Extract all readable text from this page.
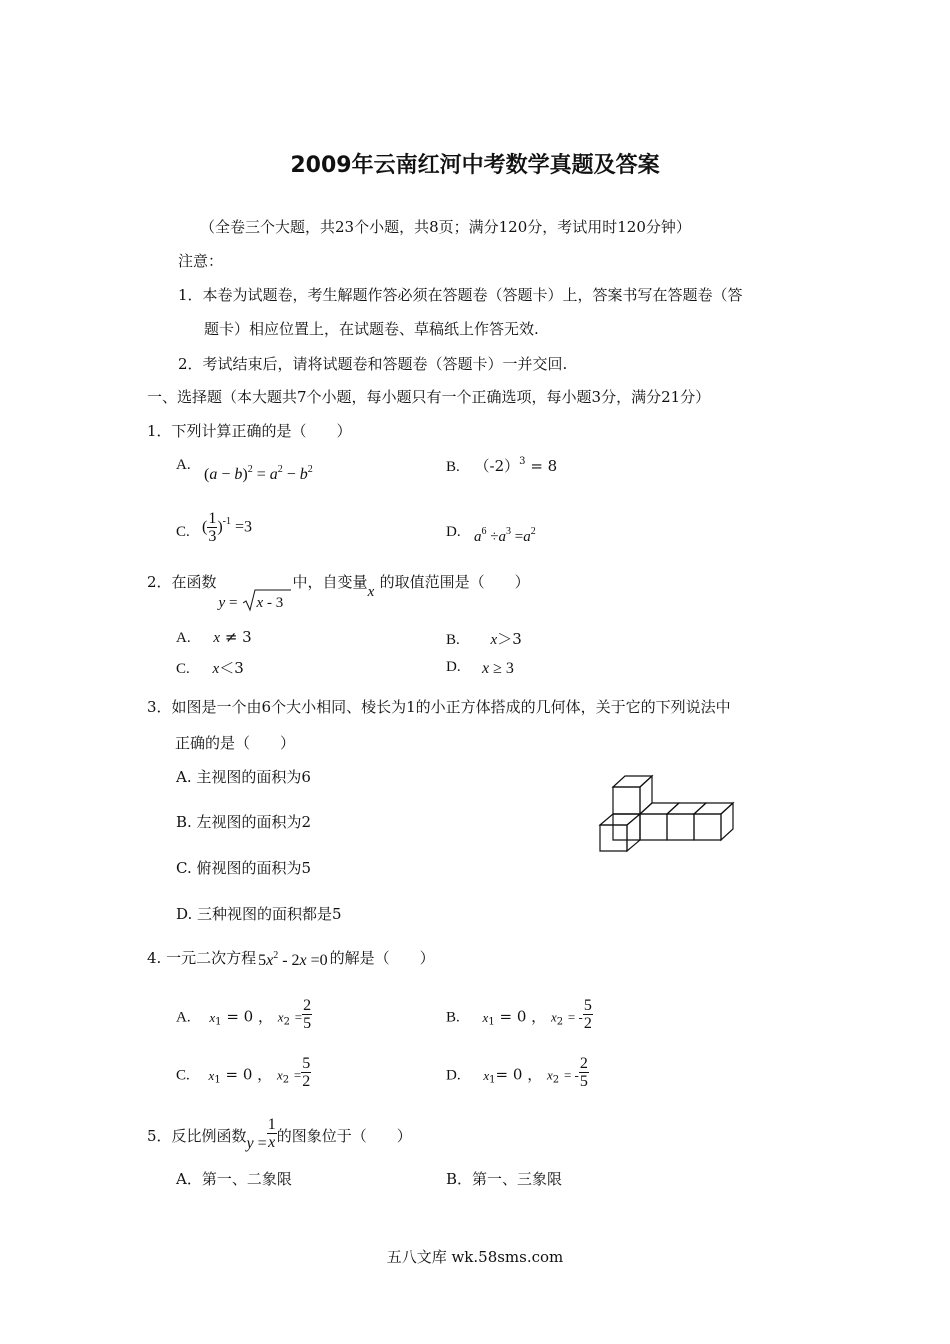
2009年云南红河中考数学真题及答案
（全卷三个大题，共23个小题，共8页；满分120分，考试用时120分钟）
注意：
1．本卷为试题卷，考生解题作答必须在答题卷（答题卡）上，答案书写在答题卷（答
题卡）相应位置上，在试题卷、草稿纸上作答无效.
2．考试结束后，请将试题卷和答题卷（答题卡）一并交回.
一、选择题（本大题共7个小题，每小题只有一个正确选项，每小题3分，满分21分）
1．下列计算正确的是（　　）
A.
$(a - b)^2 = a^2 - b^2$	B. $(-2)^3 = 8$
C. ( $\frac{1}{3} )^{-1} =3$	D. $a^6 \div a^3 =a^2$
2．在函数
y = x - 3
中，自变量x的取值范围是（　　）
A. x ≠ 3	B. x＞3
C. x＜3	D. x ≥ 3
3．如图是一个由6个大小相同、棱长为1的小正方体搭成的几何体，关于它的下列说法中
正确的是（　　）
A. 主视图的面积为6
B. 左视图的面积为2
C. 俯视图的面积为5
D. 三种视图的面积都是5
4. 一元二次方程 $5x^2 - 2x =0$ 的解是（　　）
A. $x_1 = 0$ ， $x_2 = \frac{2}{5}$	B. $x_1 = 0$ ， $x_2$ = - $\frac{5}{2}$
C. $x_1 = 0$ ， $x_2 = \frac{5}{2}$	D. $x_1= 0$ ， $x_2$ = - $\frac{2}{5}$
5．反比例函数$y = \frac{1}{x}$ 的图象位于（　　）
A．第一、二象限	B．第一、三象限
五八文库 wk.58sms.com
